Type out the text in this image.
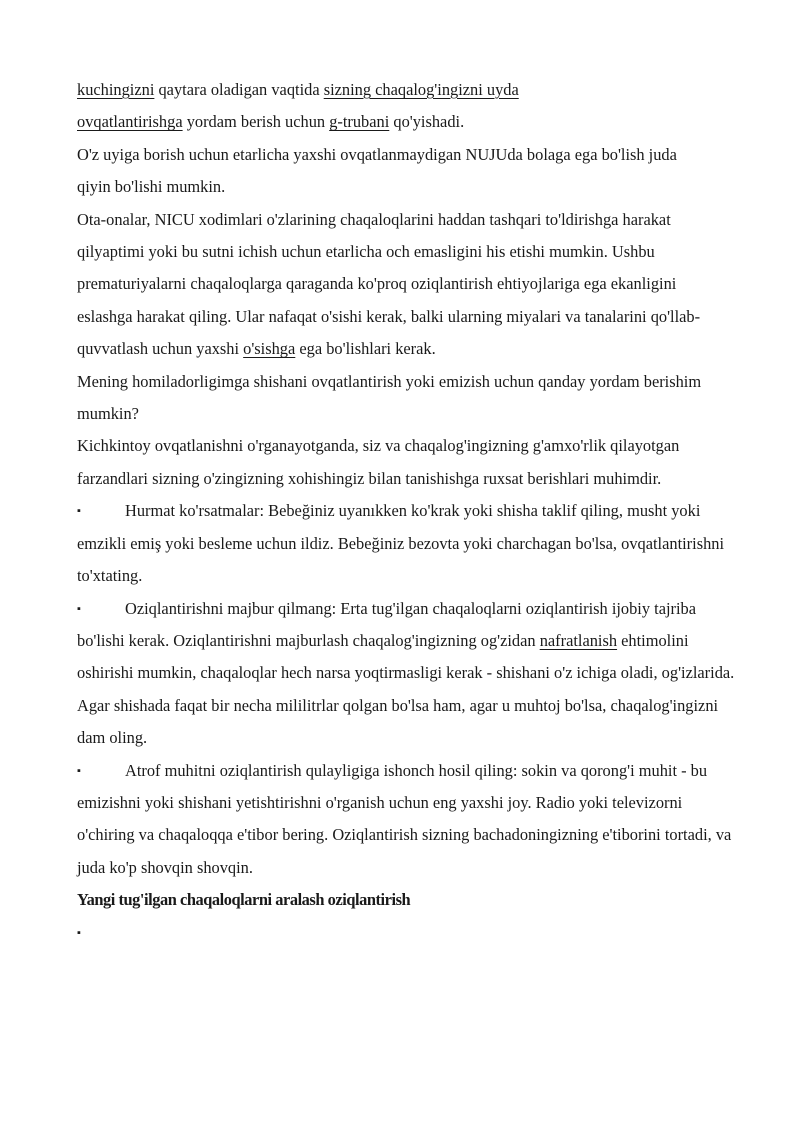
kuchingizni qaytara oladigan vaqtida sizning chaqalog'ingizni uyda
ovqatlantirishga yordam berish uchun g-trubani qo'yishadi.

O'z uyiga borish uchun etarlicha yaxshi ovqatlanmaydigan NUJUda bolaga ega bo'lish juda qiyin bo'lishi mumkin.

Ota-onalar, NICU xodimlari o'zlarining chaqaloqlarini haddan tashqari to'ldirishga harakat qilyaptimi yoki bu sutni ichish uchun etarlicha och emasligini his etishi mumkin. Ushbu prematuriyalarni chaqaloqlarga qaraganda ko'proq oziqlantirish ehtiyojlariga ega ekanligini eslashga harakat qiling. Ular nafaqat o'sishi kerak, balki ularning miyalari va tanalarini qo'llab-quvvatlash uchun yaxshi o'sishga ega bo'lishlari kerak.

Mening homiladorligimga shishani ovqatlantirish yoki emizish uchun qanday yordam berishim mumkin?

Kichkintoy ovqatlanishni o'rganayotganda, siz va chaqalog'ingizning g'amxo'rlik qilayotgan farzandlari sizning o'zingizning xohishingiz bilan tanishishga ruxsat berishlari muhimdir.

▪	Hurmat ko'rsatmalar: Bebeğiniz uyanıkken ko'krak yoki shisha taklif qiling, musht yoki emzikli emiş yoki besleme uchun ildiz. Bebeğiniz bezovta yoki charchagan bo'lsa, ovqatlantirishni to'xtating.

▪	Oziqlantirishni majbur qilmang: Erta tug'ilgan chaqaloqlarni oziqlantirish ijobiy tajriba bo'lishi kerak. Oziqlantirishni majburlash chaqalog'ingizning og'zidan nafratlanish ehtimolini oshirishi mumkin, chaqaloqlar hech narsa yoqtirmasligi kerak - shishani o'z ichiga oladi, og'izlarida. Agar shishada faqat bir necha mililitrlar qolgan bo'lsa ham, agar u muhtoj bo'lsa, chaqalog'ingizni dam oling.

▪	Atrof muhitni oziqlantirish qulayligiga ishonch hosil qiling: sokin va qorong'i muhit - bu emizishni yoki shishani yetishtirishni o'rganish uchun eng yaxshi joy. Radio yoki televizorni o'chiring va chaqaloqqa e'tibor bering. Oziqlantirish sizning bachadoningizning e'tiborini tortadi, va juda ko'p shovqin shovqin.

Yangi tug'ilgan chaqaloqlarni aralash oziqlantirish

▪
